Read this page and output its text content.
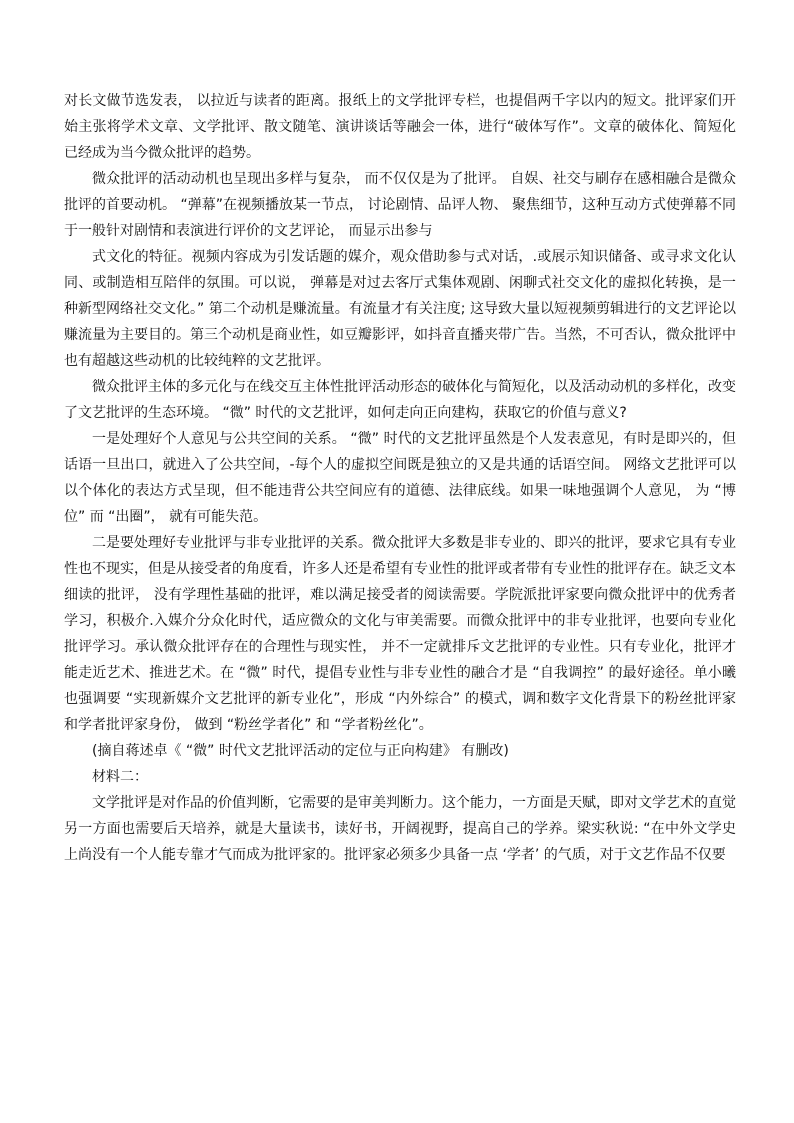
对长文做节选发表， 以拉近与读者的距离。报纸上的文学批评专栏，也提倡两千字以内的短文。批评家们开始主张将学术文章、文学批评、散文随笔、演讲谈话等融会一体，进行“破体写作”。文章的破体化、简短化已经成为当今微众批评的趋势。

微众批评的活动动机也呈现出多样与复杂， 而不仅仅是为了批评。 自娱、社交与刷存在感相融合是微众批评的首要动机。 “弹幕”在视频播放某一节点， 讨论剧情、品评人物、 聚焦细节，这种互动方式使弹幕不同于一般针对剧情和表演进行评价的文艺评论， 而显示出参与

式文化的特征。视频内容成为引发话题的媒介，观众借助参与式对话，.或展示知识储备、或寻求文化认同、或制造相互陪伴的氛围。可以说， 弹幕是对过去客厅式集体观剧、闲聊式社交文化的虚拟化转换，是一种新型网络社交文化。” 第二个动机是赚流量。有流量才有关注度; 这导致大量以短视频剪辑进行的文艺评论以赚流量为主要目的。第三个动机是商业性，如豆瓣影评，如抖音直播夹带广告。当然，不可否认，微众批评中也有超越这些动机的比较纯粹的文艺批评。

微众批评主体的多元化与在线交互主体性批评活动形态的破体化与简短化，以及活动动机的多样化，改变了文艺批评的生态环境。 “微” 时代的文艺批评，如何走向正向建构，获取它的价值与意义?

一是处理好个人意见与公共空间的关系。 “微” 时代的文艺批评虽然是个人发表意见，有时是即兴的，但话语一旦出口，就进入了公共空间，-每个人的虚拟空间既是独立的又是共通的话语空间。 网络文艺批评可以以个体化的表达方式呈现，但不能违背公共空间应有的道德、法律底线。如果一味地强调个人意见， 为 “博位” 而 “出圈”， 就有可能失范。

二是要处理好专业批评与非专业批评的关系。微众批评大多数是非专业的、即兴的批评，要求它具有专业性也不现实，但是从接受者的角度看，许多人还是希望有专业性的批评或者带有专业性的批评存在。缺乏文本细读的批评， 没有学理性基础的批评，难以满足接受者的阅读需要。学院派批评家要向微众批评中的优秀者学习，积极介.入媒介分众化时代，适应微众的文化与审美需要。而微众批评中的非专业批评，也要向专业化批评学习。承认微众批评存在的合理性与现实性， 并不一定就排斥文艺批评的专业性。只有专业化，批评才能走近艺术、推进艺术。在 “微” 时代，提倡专业性与非专业性的融合才是 “自我调控” 的最好途径。单小曦也强调要 “实现新媒介文艺批评的新专业化”，形成 “内外综合” 的模式，调和数字文化背景下的粉丝批评家和学者批评家身份， 做到 “粉丝学者化” 和 “学者粉丝化”。

(摘自蒋述卓《 “微” 时代文艺批评活动的定位与正向构建》 有删改)

材料二：

文学批评是对作品的价值判断，它需要的是审美判断力。这个能力，一方面是天赋，即对文学艺术的直觉另一方面也需要后天培养，就是大量读书，读好书，开阔视野，提高自己的学养。梁实秋说: “在中外文学史上尚没有一个人能专靠才气而成为批评家的。批评家必须多少具备一点 ‘学者’ 的气质，对于文艺作品不仅要
